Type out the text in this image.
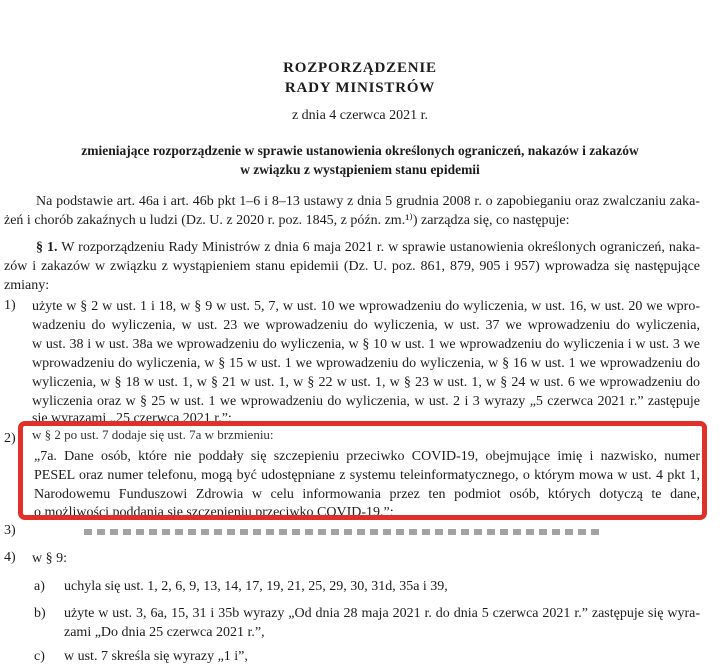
ROZPORZĄDZENIE
RADY MINISTRÓW
z dnia 4 czerwca 2021 r.
zmieniające rozporządzenie w sprawie ustanowienia określonych ograniczeń, nakazów i zakazów
w związku z wystąpieniem stanu epidemii
Na podstawie art. 46a i art. 46b pkt 1–6 i 8–13 ustawy z dnia 5 grudnia 2008 r. o zapobieganiu oraz zwalczaniu zaka-
żeń i chorób zakaźnych u ludzi (Dz. U. z 2020 r. poz. 1845, z późn. zm.¹⁾) zarządza się, co następuje:
§ 1. W rozporządzeniu Rady Ministrów z dnia 6 maja 2021 r. w sprawie ustanowienia określonych ograniczeń, naka-
zów i zakazów w związku z wystąpieniem stanu epidemii (Dz. U. poz. 861, 879, 905 i 957) wprowadza się następujące
zmiany:
1) użyte w § 2 w ust. 1 i 18, w § 9 w ust. 5, 7, w ust. 10 we wprowadzeniu do wyliczenia, w ust. 16, w ust. 20 we wpro-
wadzeniu do wyliczenia, w ust. 23 we wprowadzeniu do wyliczenia, w ust. 37 we wprowadzeniu do wyliczenia,
w ust. 38 i w ust. 38a we wprowadzeniu do wyliczenia, w § 10 w ust. 1 we wprowadzeniu do wyliczenia i w ust. 3 we
wprowadzeniu do wyliczenia, w § 15 w ust. 1 we wprowadzeniu do wyliczenia, w § 16 w ust. 1 we wprowadzeniu do
wyliczenia, w § 18 w ust. 1, w § 21 w ust. 1, w § 22 w ust. 1, w § 23 w ust. 1, w § 24 w ust. 6 we wprowadzeniu do
wyliczenia oraz w § 25 w ust. 1 we wprowadzeniu do wyliczenia, w ust. 2 i 3 wyrazy „5 czerwca 2021 r.” zastępuje
się wyrazami „25 czerwca 2021 r.”;
2) w § 2 po ust. 7 dodaje się ust. 7a w brzmieniu:
„7a. Dane osób, które nie poddały się szczepieniu przeciwko COVID-19, obejmujące imię i nazwisko, numer
PESEL oraz numer telefonu, mogą być udostępniane z systemu teleinformatycznego, o którym mowa w ust. 4 pkt 1,
Narodowemu Funduszowi Zdrowia w celu informowania przez ten podmiot osób, których dotyczą te dane,
o możliwości poddania się szczepieniu przeciwko COVID-19.”;
3)
4) w § 9:
a) uchyla się ust. 1, 2, 6, 9, 13, 14, 17, 19, 21, 25, 29, 30, 31d, 35a i 39,
b) użyte w ust. 3, 6a, 15, 31 i 35b wyrazy „Od dnia 28 maja 2021 r. do dnia 5 czerwca 2021 r.” zastępuje się wyra-
zami „Do dnia 25 czerwca 2021 r.”,
c) w ust. 7 skreśla się wyrazy „1 i”,
